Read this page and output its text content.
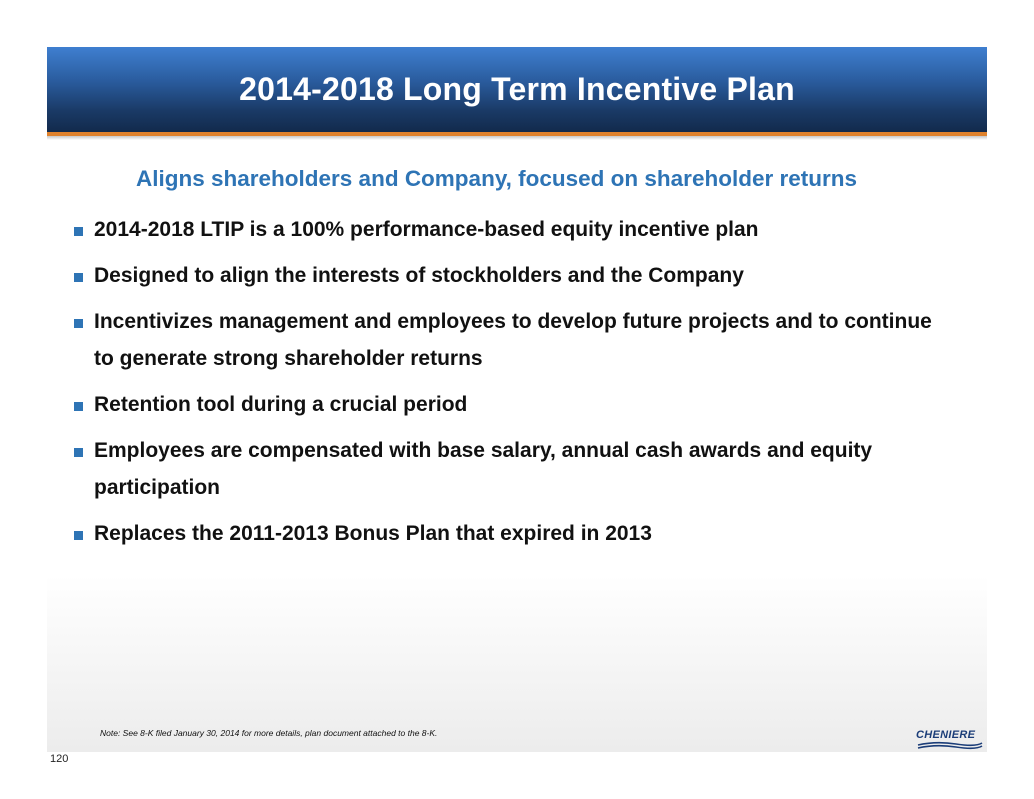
2014-2018 Long Term Incentive Plan
Aligns shareholders and Company, focused on shareholder returns
2014-2018 LTIP is a 100% performance-based equity incentive plan
Designed to align the interests of stockholders and the Company
Incentivizes management and employees to develop future projects and to continue to generate strong shareholder returns
Retention tool during a crucial period
Employees are compensated with base salary, annual cash awards and equity participation
Replaces the 2011-2013 Bonus Plan that expired in 2013
Note: See 8-K filed January 30, 2014 for more details, plan document attached to the 8-K.
120
CHENIERE
